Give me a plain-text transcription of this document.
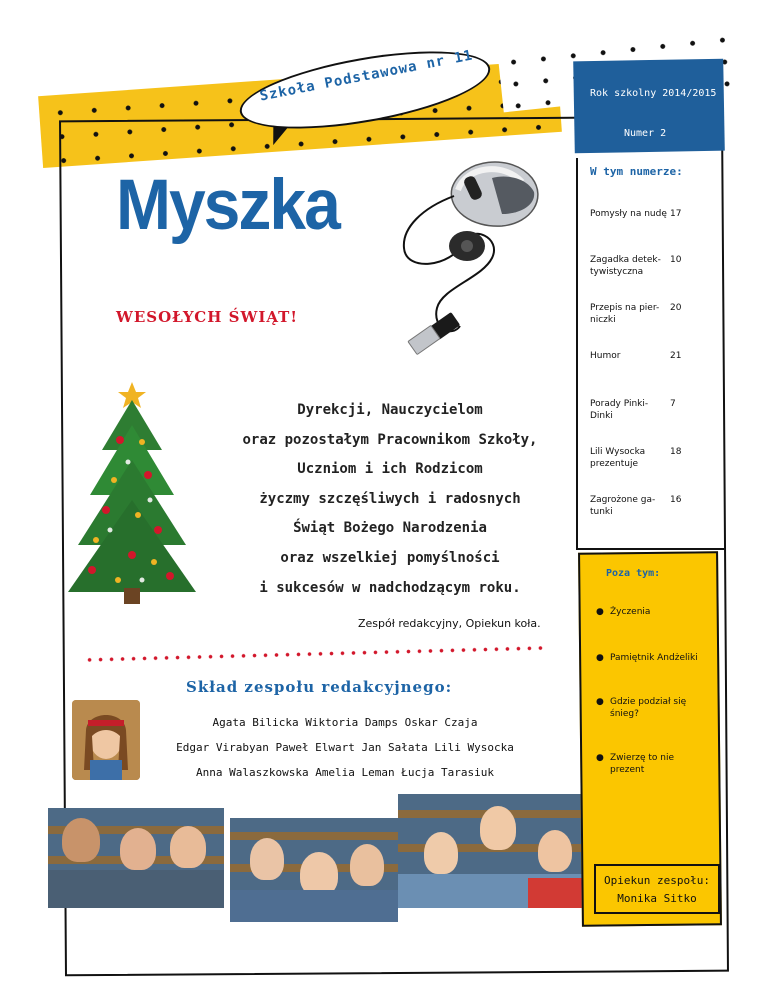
Szkoła Podstawowa nr 11	Rok szkolny 2014/2015
Numer 2
Myszka
WESOŁYCH ŚWIĄT!
Dyrekcji, Nauczycielom
oraz pozostałym Pracownikom Szkoły,
Uczniom i ich Rodzicom
życzmy szczęśliwych i radosnych
Świąt Bożego Narodzenia
oraz wszelkiej pomyślności
i sukcesów w nadchodzącym roku.
Zespół redakcyjny, Opiekun koła.
Skład zespołu redakcyjnego:
Agata Bilicka Wiktoria Damps Oskar Czaja
Edgar Virabyan Paweł Elwart Jan Sałata Lili Wysocka
Anna Walaszkowska Amelia Leman Łucja Tarasiuk
W tym numerze:
Pomysły na nudę 17
Zagadka detek-tywistyczna10
Przepis na pier-niczki20
Humor	21
Porady Pinki-Dinki7
Lili Wysocka prezentuje18
Zagrożone ga-tunki16
Poza tym:
● Życzenia
● Pamiętnik Andżeliki
● Gdzie podział się śnieg?
● Zwierzę to nie prezent
Opiekun zespołu:
Monika Sitko
